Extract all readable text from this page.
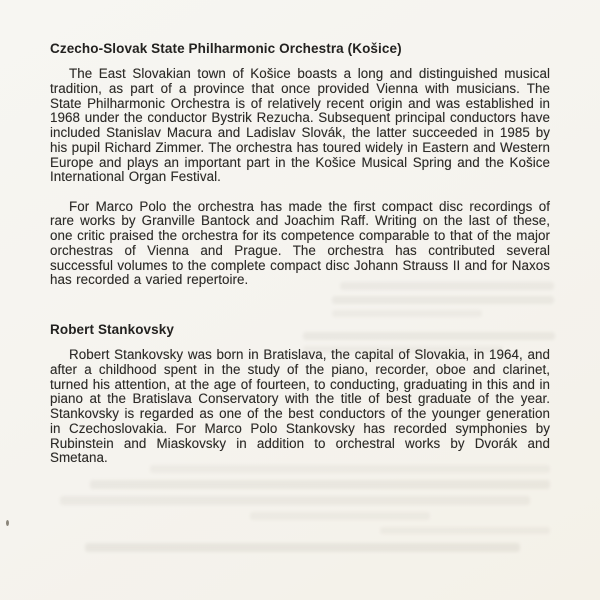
Czecho-Slovak State Philharmonic Orchestra (Košice)

The East Slovakian town of Košice boasts a long and distinguished musical tradition, as part of a province that once provided Vienna with musicians. The State Philharmonic Orchestra is of relatively recent origin and was established in 1968 under the conductor Bystrik Rezucha. Subsequent principal conductors have included Stanislav Macura and Ladislav Slovák, the latter succeeded in 1985 by his pupil Richard Zimmer. The orchestra has toured widely in Eastern and Western Europe and plays an important part in the Košice Musical Spring and the Košice International Organ Festival.

For Marco Polo the orchestra has made the first compact disc recordings of rare works by Granville Bantock and Joachim Raff. Writing on the last of these, one critic praised the orchestra for its competence comparable to that of the major orchestras of Vienna and Prague. The orchestra has contributed several successful volumes to the complete compact disc Johann Strauss II and for Naxos has recorded a varied repertoire.

Robert Stankovsky

Robert Stankovsky was born in Bratislava, the capital of Slovakia, in 1964, and after a childhood spent in the study of the piano, recorder, oboe and clarinet, turned his attention, at the age of fourteen, to conducting, graduating in this and in piano at the Bratislava Conservatory with the title of best graduate of the year. Stankovsky is regarded as one of the best conductors of the younger generation in Czechoslovakia. For Marco Polo Stankovsky has recorded symphonies by Rubinstein and Miaskovsky in addition to orchestral works by Dvorák and Smetana.
